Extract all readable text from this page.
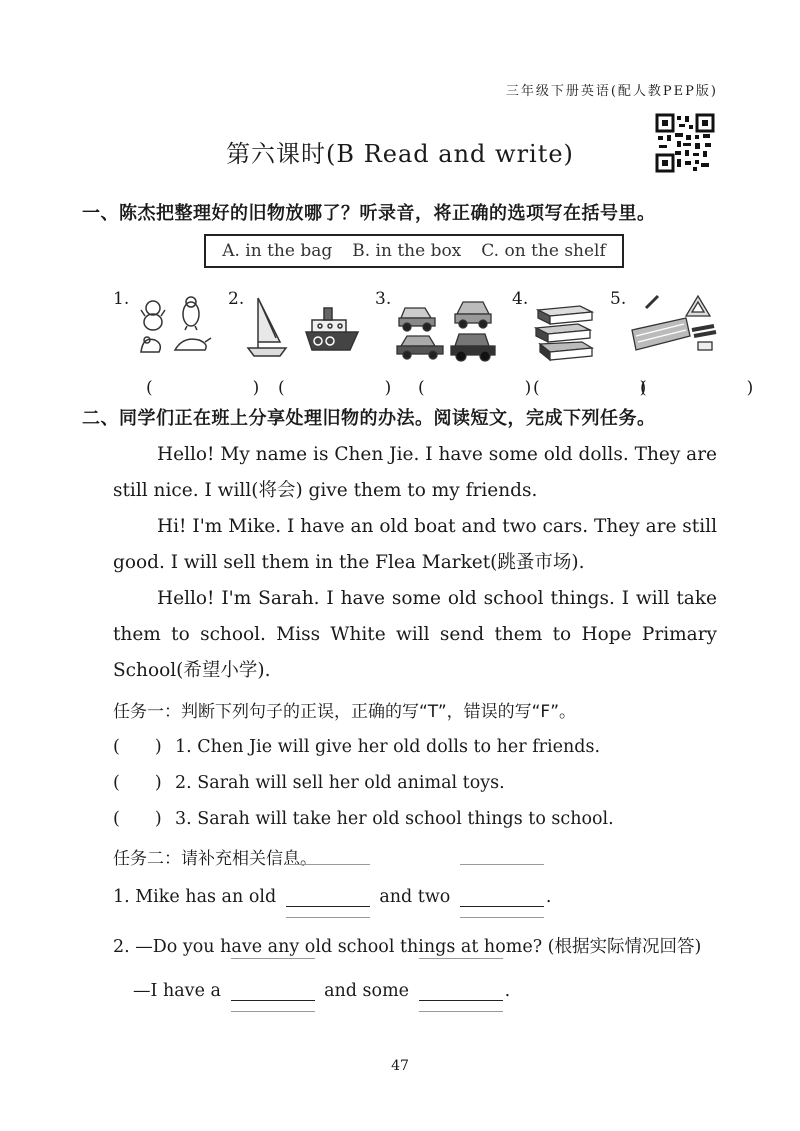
三年级下册英语(配人教PEP版)
第六课时(B Read and write)
一、陈杰把整理好的旧物放哪了？听录音，将正确的选项写在括号里。
A. in the bag B. in the box C. on the shelf
1.	2.	3.	4.	5.
(　　)
(　　) (　　)
(　　)
(　　)
二、同学们正在班上分享处理旧物的办法。阅读短文，完成下列任务。

Hello! My name is Chen Jie. I have some old dolls. They are still nice. I will(将会) give them to my friends.

Hi! I'm Mike. I have an old boat and two cars. They are still good. I will sell them in the Flea Market(跳蚤市场).

Hello! I'm Sarah. I have some old school things. I will take them to school. Miss White will send them to Hope Primary School(希望小学).

任务一：判断下列句子的正误，正确的写“T”，错误的写“F”。
(　　) 1. Chen Jie will give her old dolls to her friends.
(　　) 2. Sarah will sell her old animal toys.
(　　) 3. Sarah will take her old school things to school.
任务二：请补充相关信息。
1. Mike has an old	and two	.
2. —Do you have any old school things at home? (根据实际情况回答)
—I have a	and some	.
47
